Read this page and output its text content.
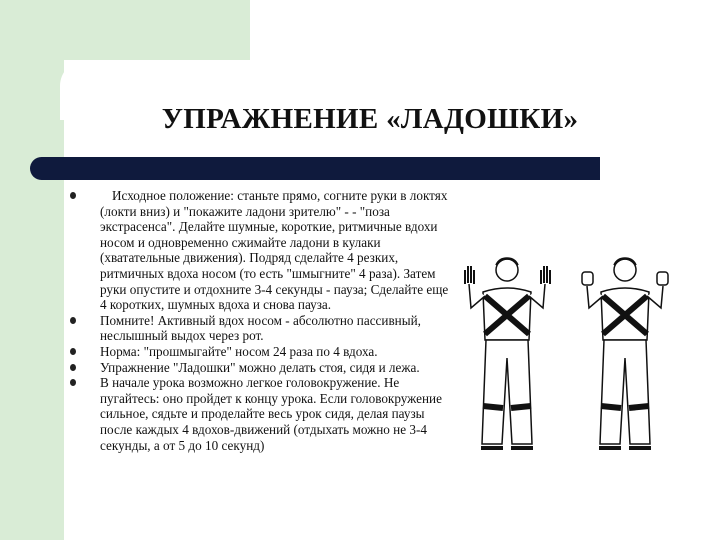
УПРАЖНЕНИЕ «ЛАДОШКИ»
Исходное положение: станьте прямо, согните руки в локтях (локти вниз) и "покажите ладони зрителю" - - "поза экстрасенса". Делайте шумные, короткие, ритмичные вдохи носом и одновременно сжимайте ладони в кулаки (хватательные движения). Подряд сделайте 4 резких, ритмичных вдоха носом (то есть "шмыгните" 4 раза). Затем руки опустите и отдохните 3-4 секунды - пауза; Сделайте еще 4 коротких, шумных вдоха и снова пауза.
Помните! Активный вдох носом - абсолютно пассивный, неслышный выдох через рот.
Норма: "прошмыгайте" носом 24 раза по 4 вдоха.
Упражнение "Ладошки" можно делать стоя, сидя и лежа.
В начале урока возможно легкое головокружение. Не пугайтесь: оно пройдет к концу урока. Если головокружение сильное, сядьте и проделайте весь урок сидя, делая паузы после каждых 4 вдохов-движений (отдыхать можно не 3-4 секунды, а от 5 до 10 секунд)
